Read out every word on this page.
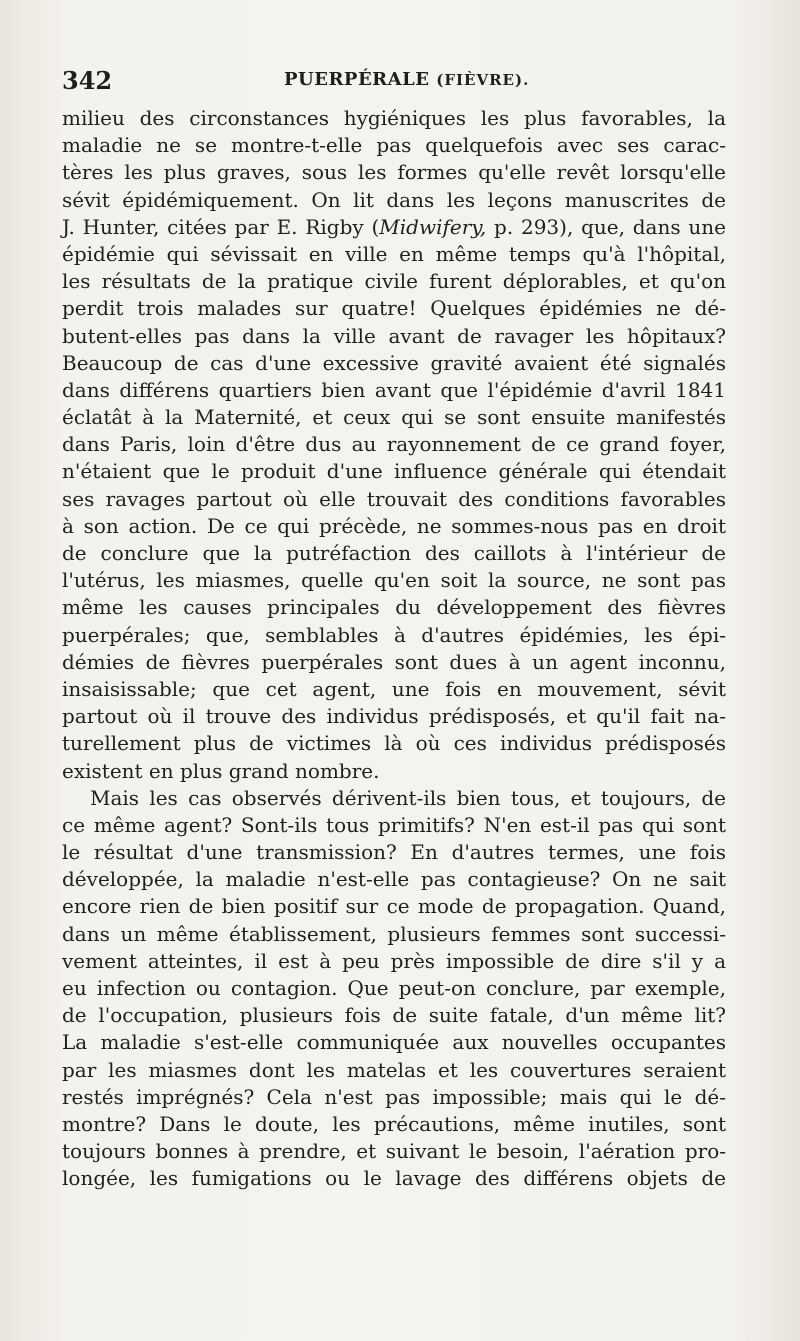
342	PUERPÉRALE (FIÈVRE).
milieu des circonstances hygiéniques les plus favorables, la
maladie ne se montre-t-elle pas quelquefois avec ses carac-
tères les plus graves, sous les formes qu'elle revêt lorsqu'elle
sévit épidémiquement. On lit dans les leçons manuscrites de
J. Hunter, citées par E. Rigby (Midwifery, p. 293), que, dans une
épidémie qui sévissait en ville en même temps qu'à l'hôpital,
les résultats de la pratique civile furent déplorables, et qu'on
perdit trois malades sur quatre! Quelques épidémies ne dé-
butent-elles pas dans la ville avant de ravager les hôpitaux?
Beaucoup de cas d'une excessive gravité avaient été signalés
dans différens quartiers bien avant que l'épidémie d'avril 1841
éclatât à la Maternité, et ceux qui se sont ensuite manifestés
dans Paris, loin d'être dus au rayonnement de ce grand foyer,
n'étaient que le produit d'une influence générale qui étendait
ses ravages partout où elle trouvait des conditions favorables
à son action. De ce qui précède, ne sommes-nous pas en droit
de conclure que la putréfaction des caillots à l'intérieur de
l'utérus, les miasmes, quelle qu'en soit la source, ne sont pas
même les causes principales du développement des fièvres
puerpérales; que, semblables à d'autres épidémies, les épi-
démies de fièvres puerpérales sont dues à un agent inconnu,
insaisissable; que cet agent, une fois en mouvement, sévit
partout où il trouve des individus prédisposés, et qu'il fait na-
turellement plus de victimes là où ces individus prédisposés
existent en plus grand nombre.
Mais les cas observés dérivent-ils bien tous, et toujours, de
ce même agent? Sont-ils tous primitifs? N'en est-il pas qui sont
le résultat d'une transmission? En d'autres termes, une fois
développée, la maladie n'est-elle pas contagieuse? On ne sait
encore rien de bien positif sur ce mode de propagation. Quand,
dans un même établissement, plusieurs femmes sont successi-
vement atteintes, il est à peu près impossible de dire s'il y a
eu infection ou contagion. Que peut-on conclure, par exemple,
de l'occupation, plusieurs fois de suite fatale, d'un même lit?
La maladie s'est-elle communiquée aux nouvelles occupantes
par les miasmes dont les matelas et les couvertures seraient
restés imprégnés? Cela n'est pas impossible; mais qui le dé-
montre? Dans le doute, les précautions, même inutiles, sont
toujours bonnes à prendre, et suivant le besoin, l'aération pro-
longée, les fumigations ou le lavage des différens objets de
